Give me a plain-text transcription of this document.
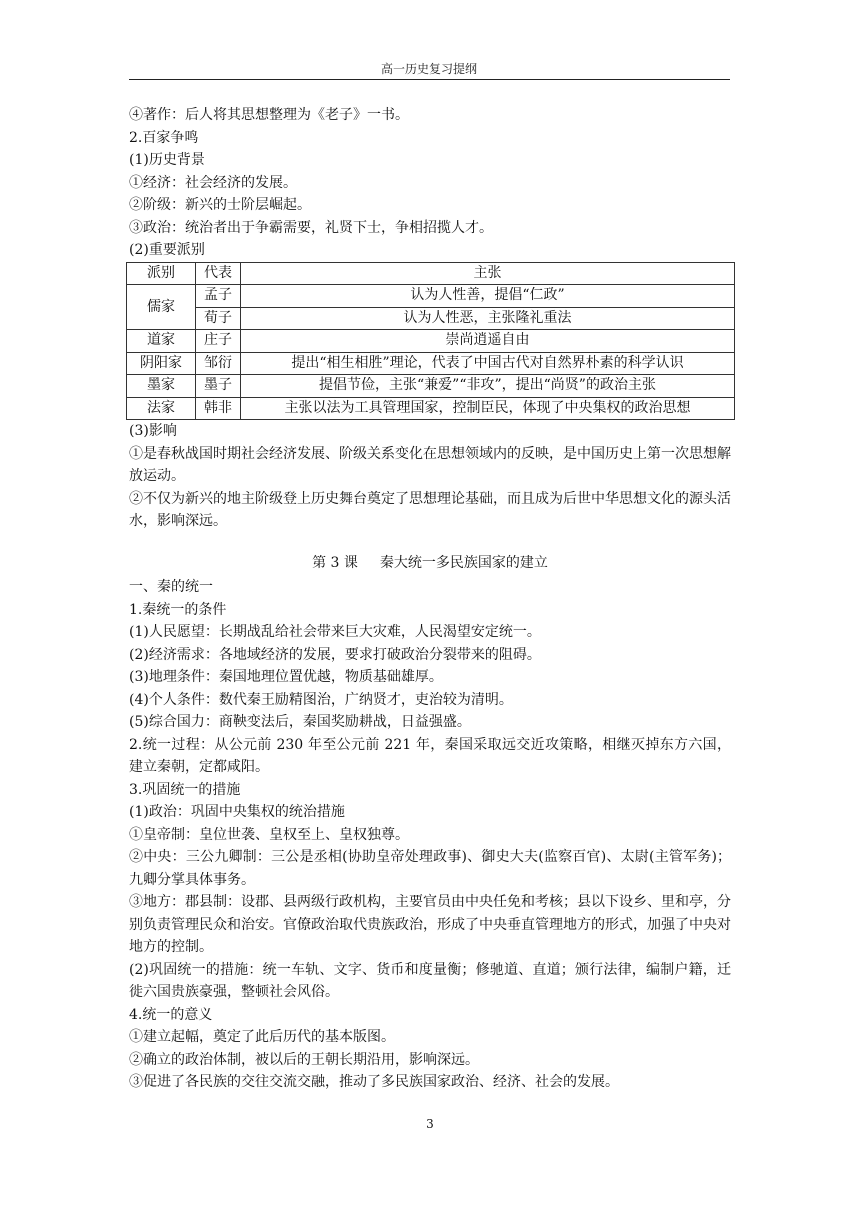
高一历史复习提纲

④著作：后人将其思想整理为《老子》一书。

2.百家争鸣

(1)历史背景

①经济：社会经济的发展。

②阶级：新兴的士阶层崛起。

③政治：统治者出于争霸需要，礼贤下士，争相招揽人才。

(2)重要派别

派别	代表	主张
儒家	孟子	认为人性善，提倡“仁政”
	荀子	认为人性恶，主张隆礼重法
道家	庄子	崇尚逍遥自由
阴阳家	邹衍	提出“相生相胜”理论，代表了中国古代对自然界朴素的科学认识
墨家	墨子	提倡节俭，主张“兼爱”“非攻”，提出“尚贤”的政治主张
法家	韩非	主张以法为工具管理国家，控制臣民，体现了中央集权的政治思想

(3)影响

①是春秋战国时期社会经济发展、阶级关系变化在思想领域内的反映，是中国历史上第一次思想解放运动。

②不仅为新兴的地主阶级登上历史舞台奠定了思想理论基础，而且成为后世中华思想文化的源头活水，影响深远。

第 3 课 秦大统一多民族国家的建立

一、秦的统一

1.秦统一的条件

(1)人民愿望：长期战乱给社会带来巨大灾难，人民渴望安定统一。

(2)经济需求：各地域经济的发展，要求打破政治分裂带来的阻碍。

(3)地理条件：秦国地理位置优越，物质基础雄厚。

(4)个人条件：数代秦王励精图治，广纳贤才，吏治较为清明。

(5)综合国力：商鞅变法后，秦国奖励耕战，日益强盛。

2.统一过程：从公元前 230 年至公元前 221 年，秦国采取远交近攻策略，相继灭掉东方六国，建立秦朝，定都咸阳。

3.巩固统一的措施

(1)政治：巩固中央集权的统治措施

①皇帝制：皇位世袭、皇权至上、皇权独尊。

②中央：三公九卿制：三公是丞相(协助皇帝处理政事)、御史大夫(监察百官)、太尉(主管军务)；九卿分掌具体事务。

③地方：郡县制：设郡、县两级行政机构，主要官员由中央任免和考核；县以下设乡、里和亭，分别负责管理民众和治安。官僚政治取代贵族政治，形成了中央垂直管理地方的形式，加强了中央对地方的控制。

(2)巩固统一的措施：统一车轨、文字、货币和度量衡；修驰道、直道；颁行法律，编制户籍，迁徙六国贵族豪强，整顿社会风俗。

4.统一的意义

①建立起幅，奠定了此后历代的基本版图。

②确立的政治体制，被以后的王朝长期沿用，影响深远。

③促进了各民族的交往交流交融，推动了多民族国家政治、经济、社会的发展。

3
